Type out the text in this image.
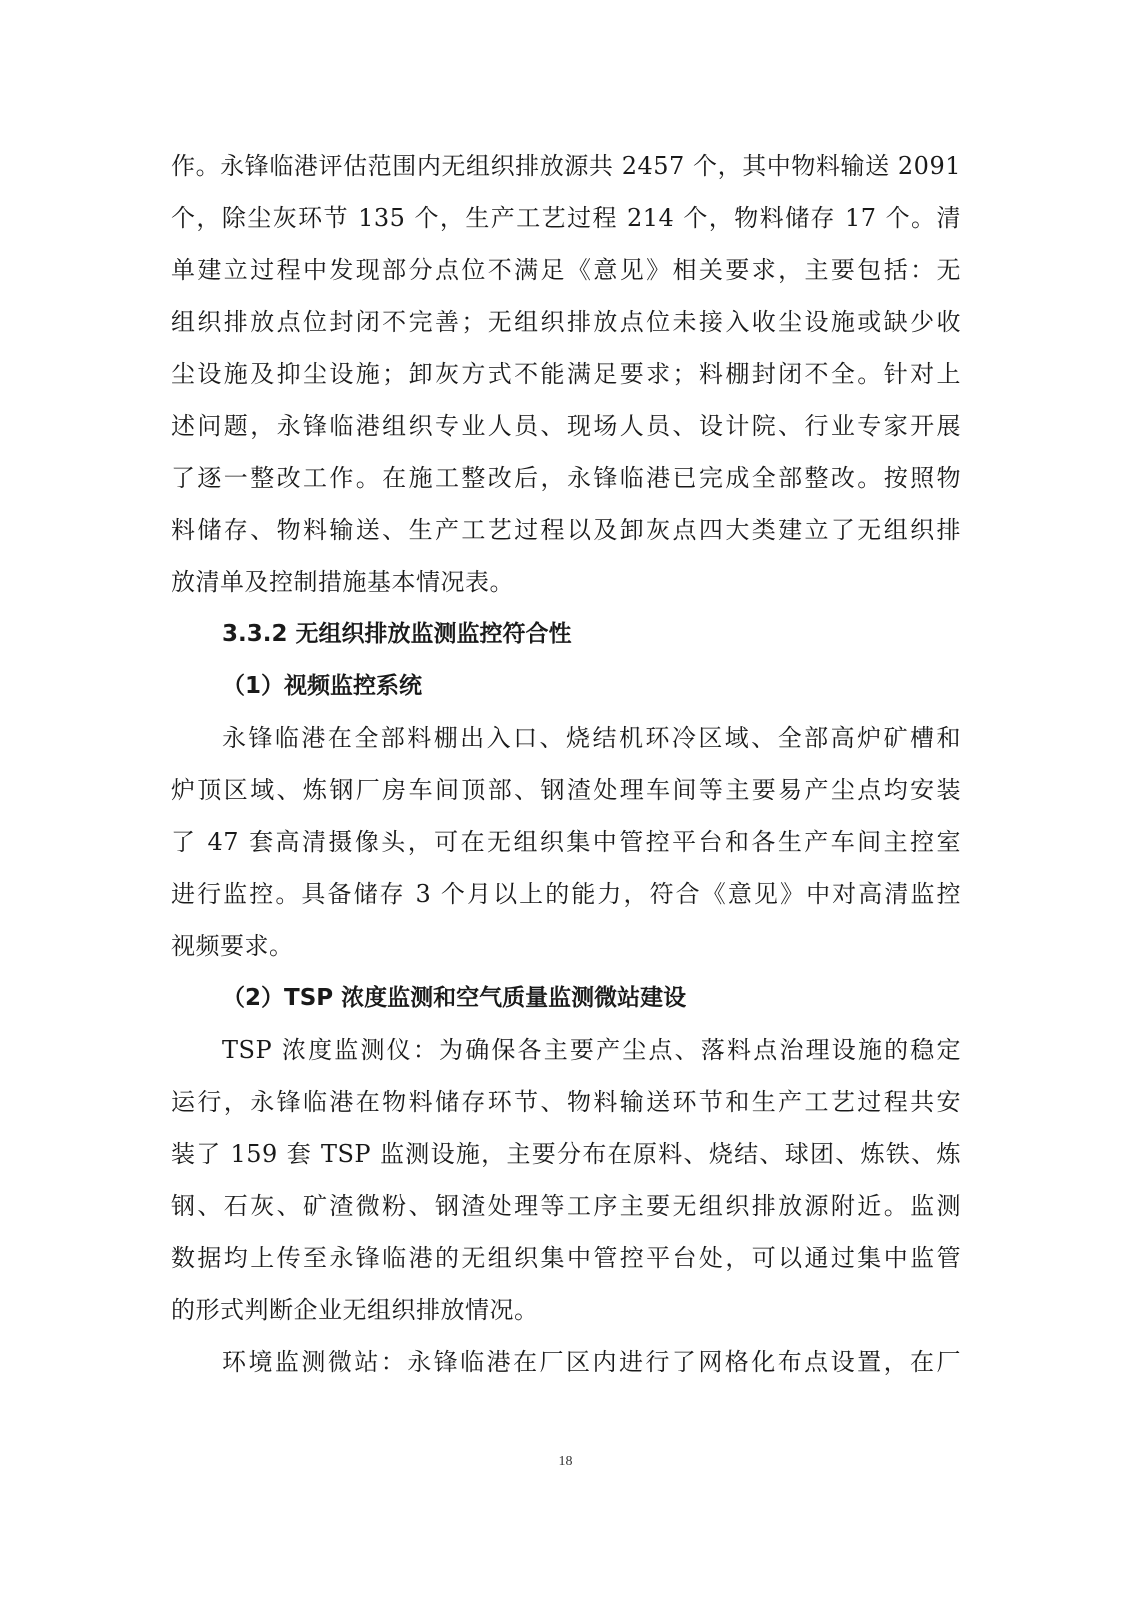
作。永锋临港评估范围内无组织排放源共 2457 个，其中物料输送 2091
个，除尘灰环节 135 个，生产工艺过程 214 个，物料储存 17 个。清
单建立过程中发现部分点位不满足《意见》相关要求，主要包括：无
组织排放点位封闭不完善；无组织排放点位未接入收尘设施或缺少收
尘设施及抑尘设施；卸灰方式不能满足要求；料棚封闭不全。针对上
述问题，永锋临港组织专业人员、现场人员、设计院、行业专家开展
了逐一整改工作。在施工整改后，永锋临港已完成全部整改。按照物
料储存、物料输送、生产工艺过程以及卸灰点四大类建立了无组织排
放清单及控制措施基本情况表。
3.3.2 无组织排放监测监控符合性
（1）视频监控系统
永锋临港在全部料棚出入口、烧结机环冷区域、全部高炉矿槽和
炉顶区域、炼钢厂房车间顶部、钢渣处理车间等主要易产尘点均安装
了 47 套高清摄像头，可在无组织集中管控平台和各生产车间主控室
进行监控。具备储存 3 个月以上的能力，符合《意见》中对高清监控
视频要求。
（2）TSP 浓度监测和空气质量监测微站建设
TSP 浓度监测仪：为确保各主要产尘点、落料点治理设施的稳定
运行，永锋临港在物料储存环节、物料输送环节和生产工艺过程共安
装了 159 套 TSP 监测设施，主要分布在原料、烧结、球团、炼铁、炼
钢、石灰、矿渣微粉、钢渣处理等工序主要无组织排放源附近。监测
数据均上传至永锋临港的无组织集中管控平台处，可以通过集中监管
的形式判断企业无组织排放情况。
环境监测微站：永锋临港在厂区内进行了网格化布点设置，在厂
18
